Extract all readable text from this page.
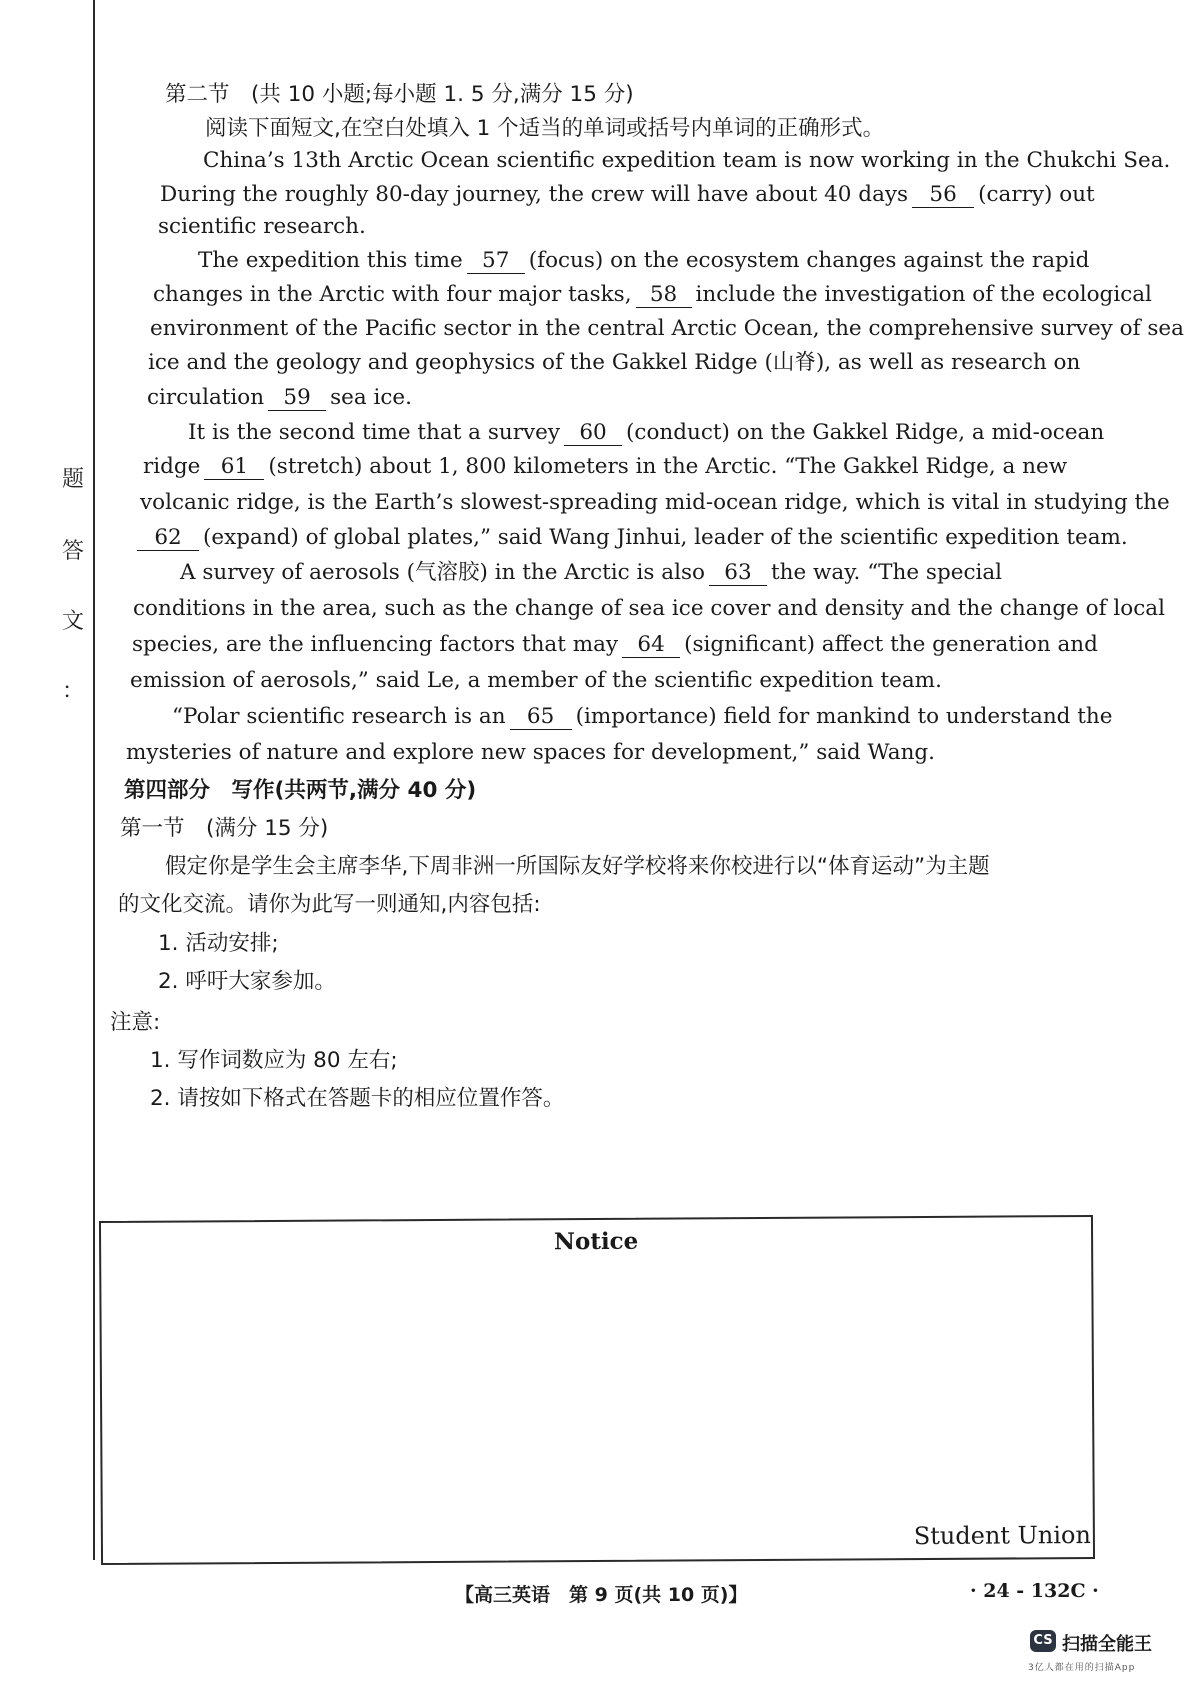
题
答
文
：
第二节　(共 10 小题;每小题 1. 5 分,满分 15 分)
阅读下面短文,在空白处填入 1 个适当的单词或括号内单词的正确形式。
China’s 13th Arctic Ocean scientific expedition team is now working in the Chukchi Sea.
During the roughly 80-day journey, the crew will have about 40 days 56 (carry) out
scientific research.
The expedition this time 57 (focus) on the ecosystem changes against the rapid
changes in the Arctic with four major tasks, 58 include the investigation of the ecological
environment of the Pacific sector in the central Arctic Ocean, the comprehensive survey of sea
ice and the geology and geophysics of the Gakkel Ridge (山脊), as well as research on
circulation 59 sea ice.
It is the second time that a survey 60 (conduct) on the Gakkel Ridge, a mid-ocean
ridge 61 (stretch) about 1, 800 kilometers in the Arctic. “The Gakkel Ridge, a new
volcanic ridge, is the Earth’s slowest-spreading mid-ocean ridge, which is vital in studying the
62 (expand) of global plates,” said Wang Jinhui, leader of the scientific expedition team.
A survey of aerosols (气溶胶) in the Arctic is also 63 the way. “The special
conditions in the area, such as the change of sea ice cover and density and the change of local
species, are the influencing factors that may 64 (significant) affect the generation and
emission of aerosols,” said Le, a member of the scientific expedition team.
“Polar scientific research is an 65 (importance) field for mankind to understand the
mysteries of nature and explore new spaces for development,” said Wang.
第四部分　写作(共两节,满分 40 分)
第一节　(满分 15 分)
假定你是学生会主席李华,下周非洲一所国际友好学校将来你校进行以“体育运动”为主题
的文化交流。请你为此写一则通知,内容包括:
1. 活动安排;
2. 呼吁大家参加。
注意:
1. 写作词数应为 80 左右;
2. 请按如下格式在答题卡的相应位置作答。
Notice
Student Union
【高三英语　第 9 页(共 10 页)】	· 24 - 132C ·
CS 扫描全能王
3亿人都在用的扫描App
